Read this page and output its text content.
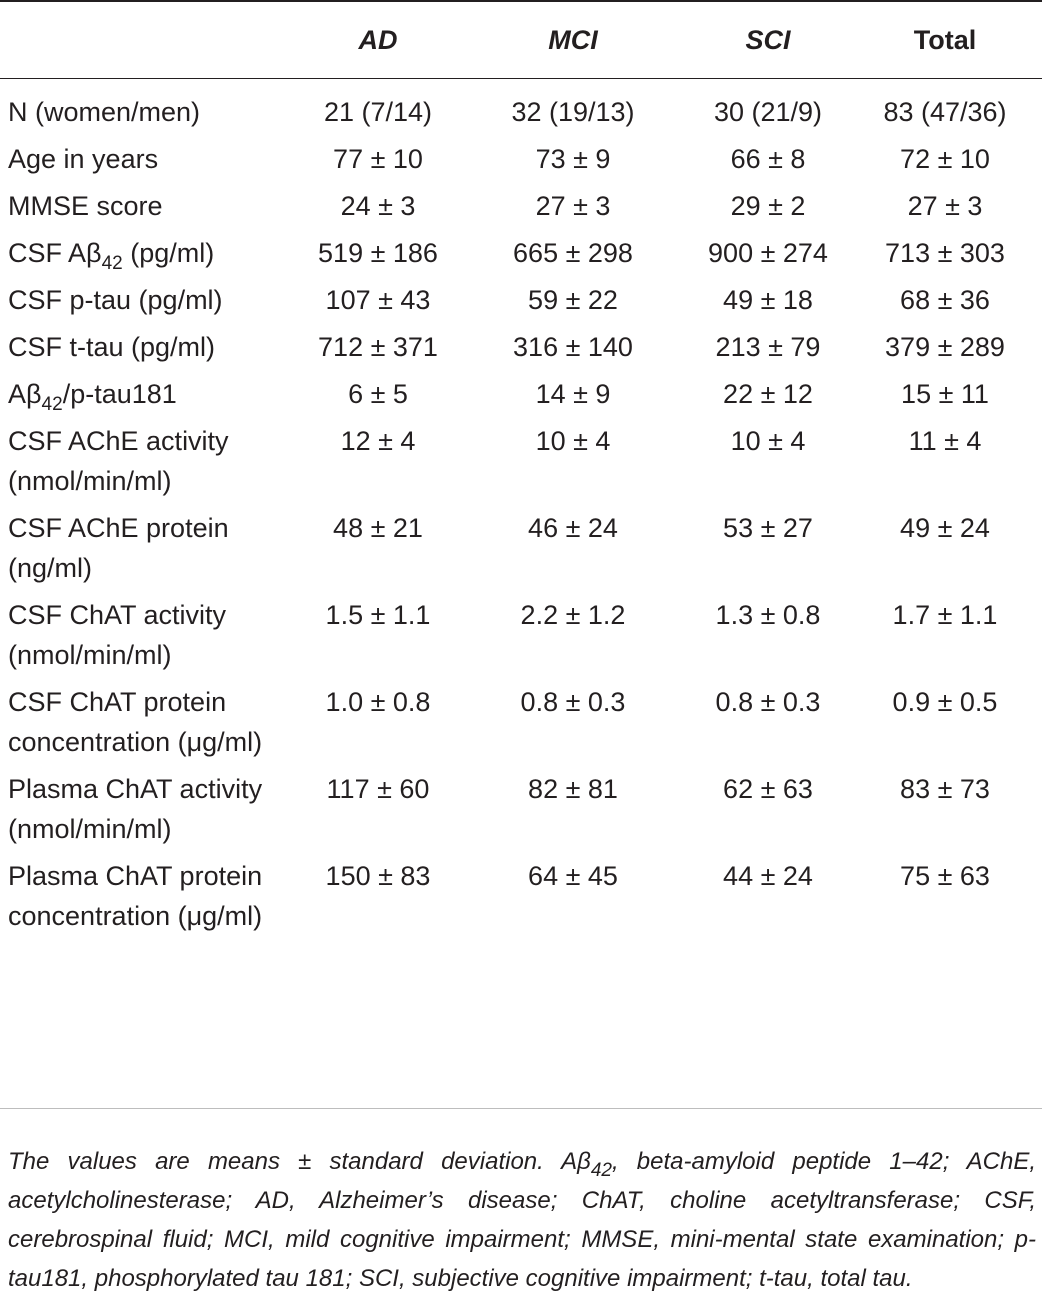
	AD	MCI	SCI	Total
N (women/men)	21 (7/14)	32 (19/13)	30 (21/9)	83 (47/36)
Age in years	77 ± 10	73 ± 9	66 ± 8	72 ± 10
MMSE score	24 ± 3	27 ± 3	29 ± 2	27 ± 3
CSF $A\beta_{42}$ (pg/ml)	519 ± 186	665 ± 298	900 ± 274	713 ± 303
CSF p-tau (pg/ml)	107 ± 43	59 ± 22	49 ± 18	68 ± 36
CSF t-tau (pg/ml)	712 ± 371	316 ± 140	213 ± 79	379 ± 289
$A\beta_{42}/p-tau181$	6 ± 5	14 ± 9	22 ± 12	15 ± 11
CSF AChE activity (nmol/min/ml)	12 ± 4	10 ± 4	10 ± 4	11 ± 4
CSF AChE protein (ng/ml)	48 ± 21	46 ± 24	53 ± 27	49 ± 24
CSF ChAT activity (nmol/min/ml)	1.5 ± 1.1	2.2 ± 1.2	1.3 ± 0.8	1.7 ± 1.1
CSF ChAT protein concentration (μg/ml)	1.0 ± 0.8	0.8 ± 0.3	0.8 ± 0.3	0.9 ± 0.5
Plasma ChAT activity (nmol/min/ml)	117 ± 60	82 ± 81	62 ± 63	83 ± 73
Plasma ChAT protein concentration (μg/ml)	150 ± 83	64 ± 45	44 ± 24	75 ± 63

The values are means ± standard deviation. $A\beta_{42}$, beta-amyloid peptide 1–42; AChE, acetylcholinesterase; AD, Alzheimer’s disease; ChAT, choline acetyltransferase; CSF, cerebrospinal fluid; MCI, mild cognitive impairment; MMSE, mini-mental state examination; p-tau181, phosphorylated tau 181; SCI, subjective cognitive impairment; t-tau, total tau.
